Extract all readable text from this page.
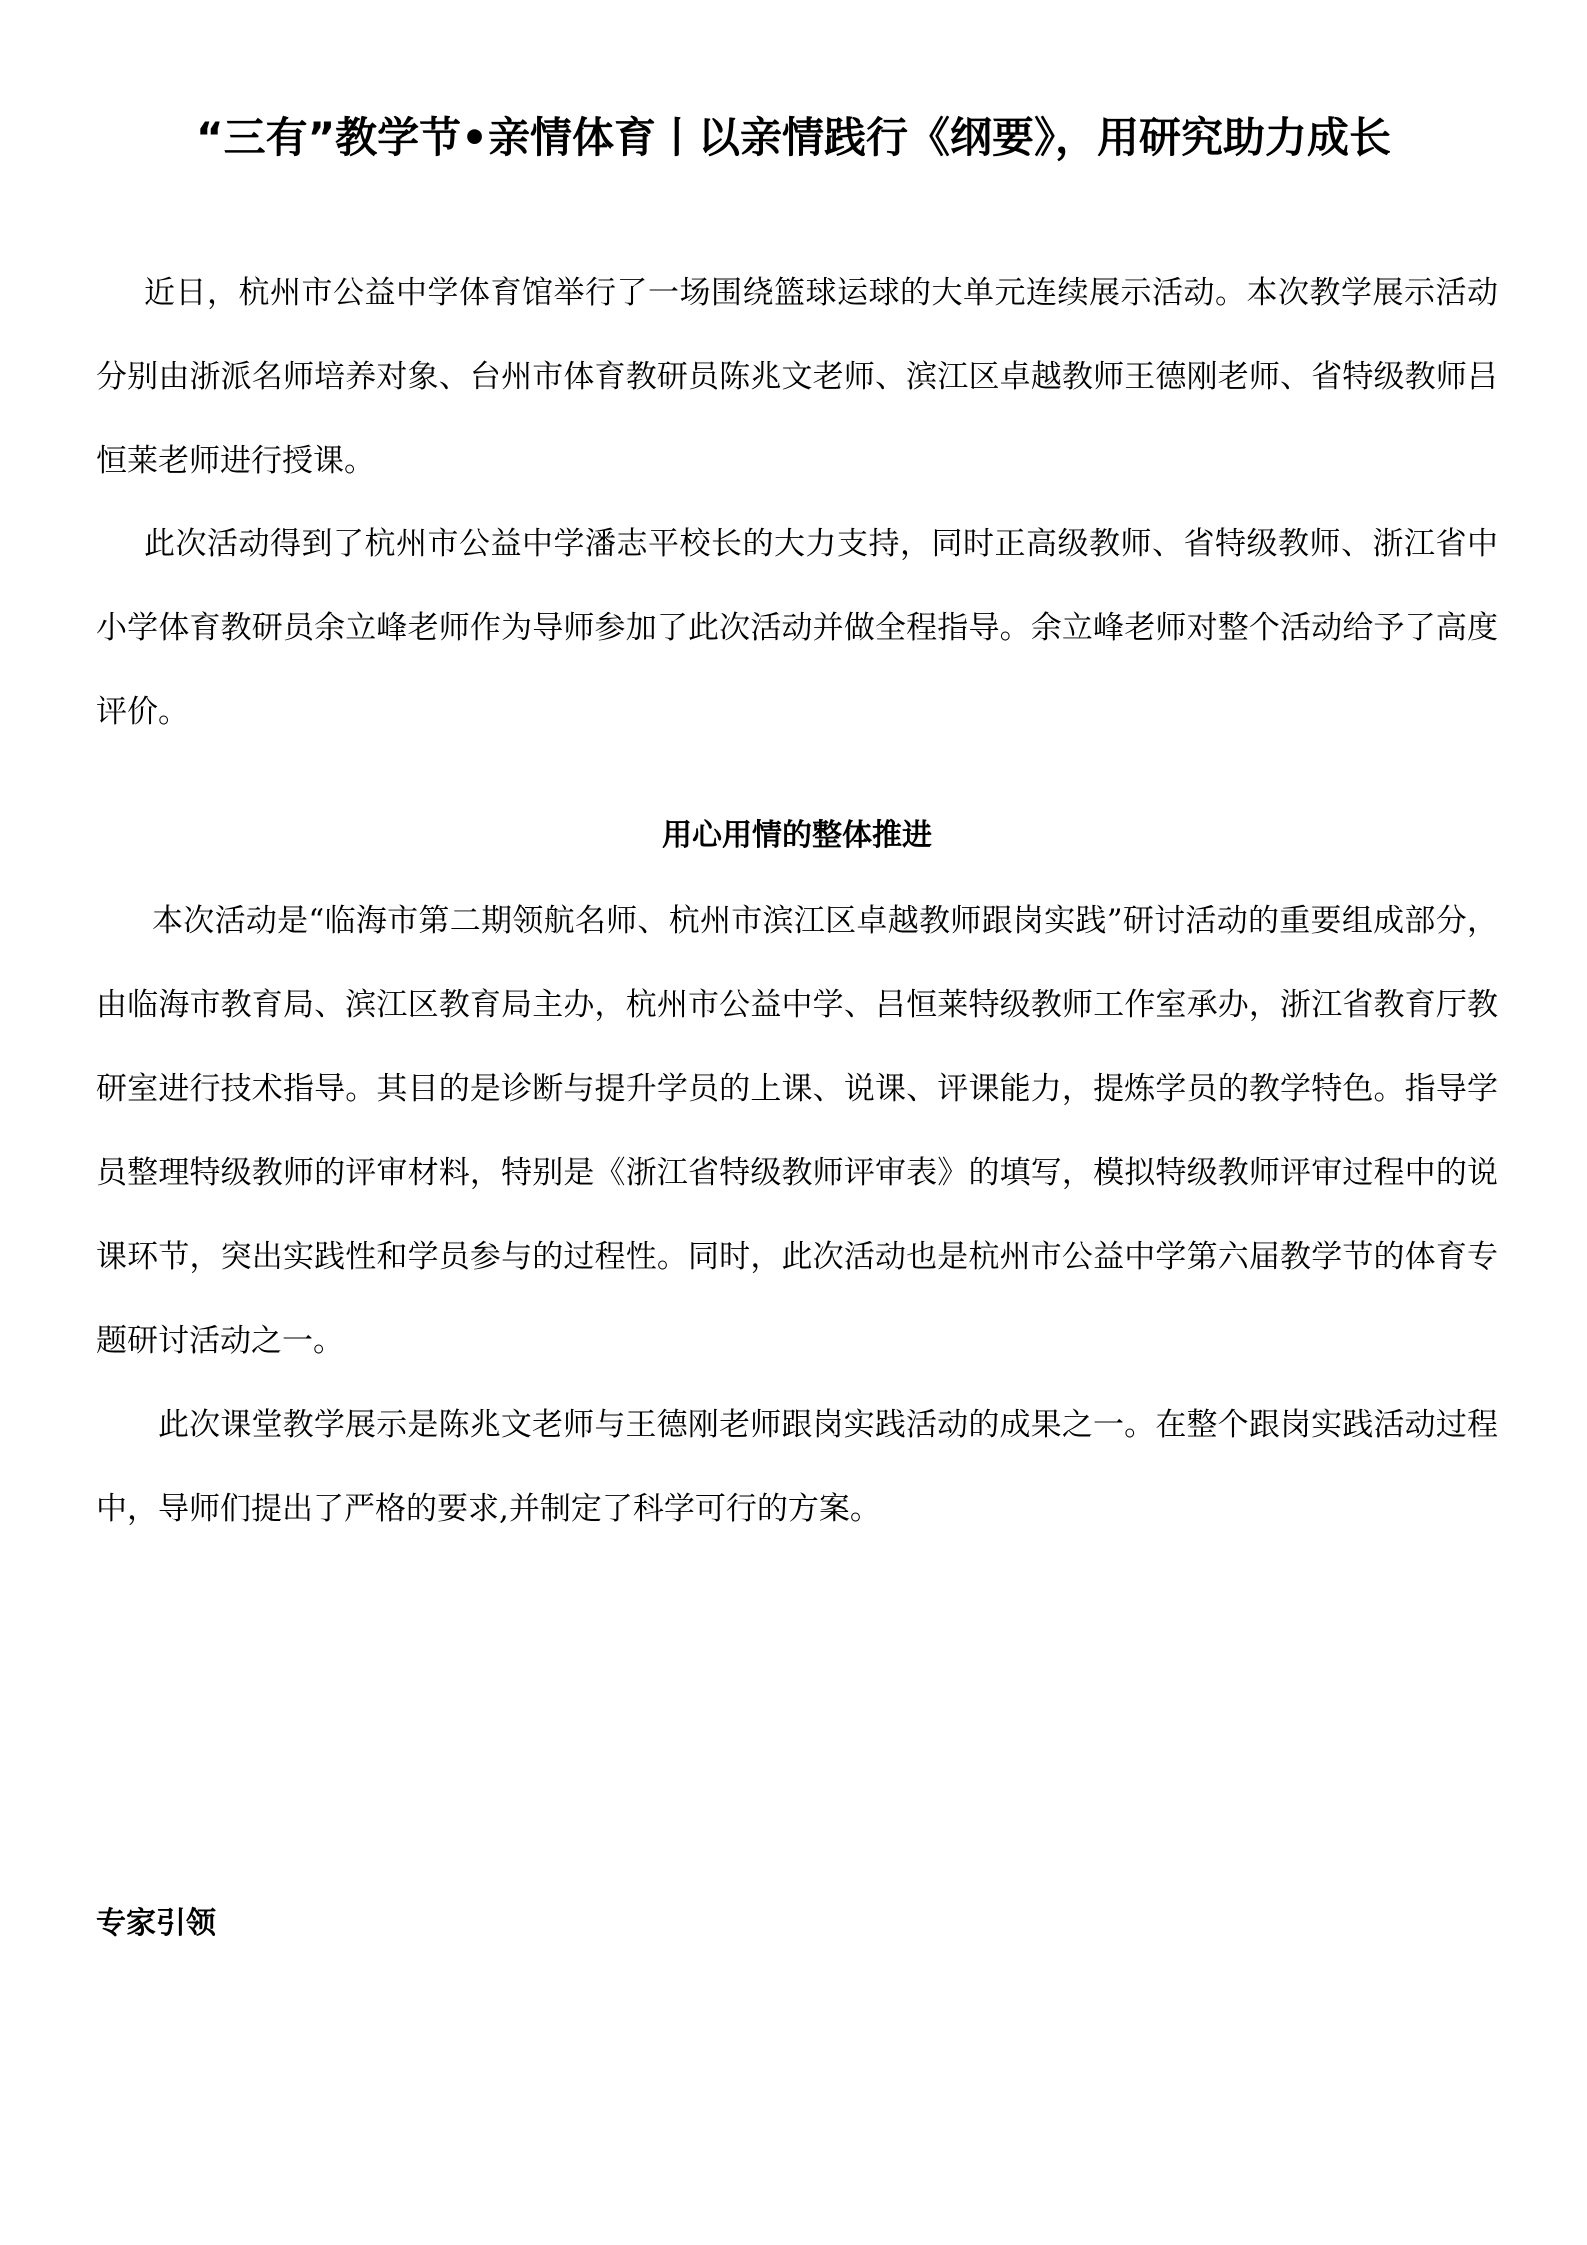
“三有”教学节•亲情体育丨以亲情践行《纲要》，用研究助力成长

近日，杭州市公益中学体育馆举行了一场围绕篮球运球的大单元连续展示活动。本次教学展示活动分别由浙派名师培养对象、台州市体育教研员陈兆文老师、滨江区卓越教师王德刚老师、省特级教师吕恒莱老师进行授课。

此次活动得到了杭州市公益中学潘志平校长的大力支持，同时正高级教师、省特级教师、浙江省中小学体育教研员余立峰老师作为导师参加了此次活动并做全程指导。余立峰老师对整个活动给予了高度评价。

用心用情的整体推进

本次活动是“临海市第二期领航名师、杭州市滨江区卓越教师跟岗实践”研讨活动的重要组成部分，由临海市教育局、滨江区教育局主办，杭州市公益中学、吕恒莱特级教师工作室承办，浙江省教育厅教研室进行技术指导。其目的是诊断与提升学员的上课、说课、评课能力，提炼学员的教学特色。指导学员整理特级教师的评审材料，特别是《浙江省特级教师评审表》的填写，模拟特级教师评审过程中的说课环节，突出实践性和学员参与的过程性。同时，此次活动也是杭州市公益中学第六届教学节的体育专题研讨活动之一。

此次课堂教学展示是陈兆文老师与王德刚老师跟岗实践活动的成果之一。在整个跟岗实践活动过程中，导师们提出了严格的要求,并制定了科学可行的方案。

专家引领
